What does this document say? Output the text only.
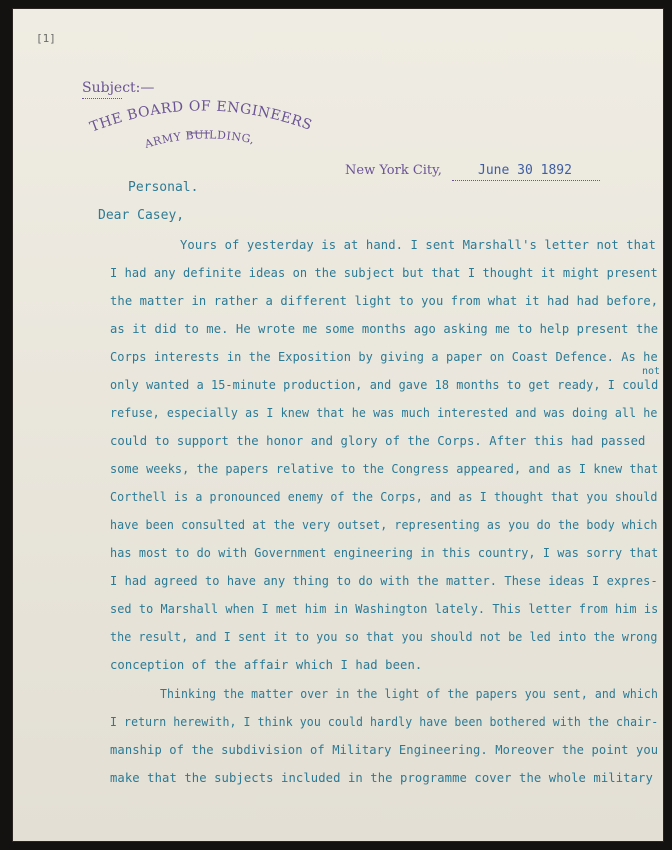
[1]
Subject:—
THE BOARD OF ENGINEERS
ARMY BUILDING,
New York City,	June 30 1892
Personal.
Dear Casey,
Yours of yesterday is at hand. I sent Marshall's letter not that
I had any definite ideas on the subject but that I thought it might present
the matter in rather a different light to you from what it had had before,
as it did to me. He wrote me some months ago asking me to help present the
Corps interests in the Exposition by giving a paper on Coast Defence. As he
only wanted a 15-minute production, and gave 18 months to get ready, I could
not
refuse, especially as I knew that he was much interested and was doing all he
could to support the honor and glory of the Corps. After this had passed
some weeks, the papers relative to the Congress appeared, and as I knew that
Corthell is a pronounced enemy of the Corps, and as I thought that you should
have been consulted at the very outset, representing as you do the body which
has most to do with Government engineering in this country, I was sorry that
I had agreed to have any thing to do with the matter. These ideas I expres-
sed to Marshall when I met him in Washington lately. This letter from him is
the result, and I sent it to you so that you should not be led into the wrong
conception of the affair which I had been.
Thinking the matter over in the light of the papers you sent, and which
I return herewith, I think you could hardly have been bothered with the chair-
manship of the subdivision of Military Engineering. Moreover the point you
make that the subjects included in the programme cover the whole military
